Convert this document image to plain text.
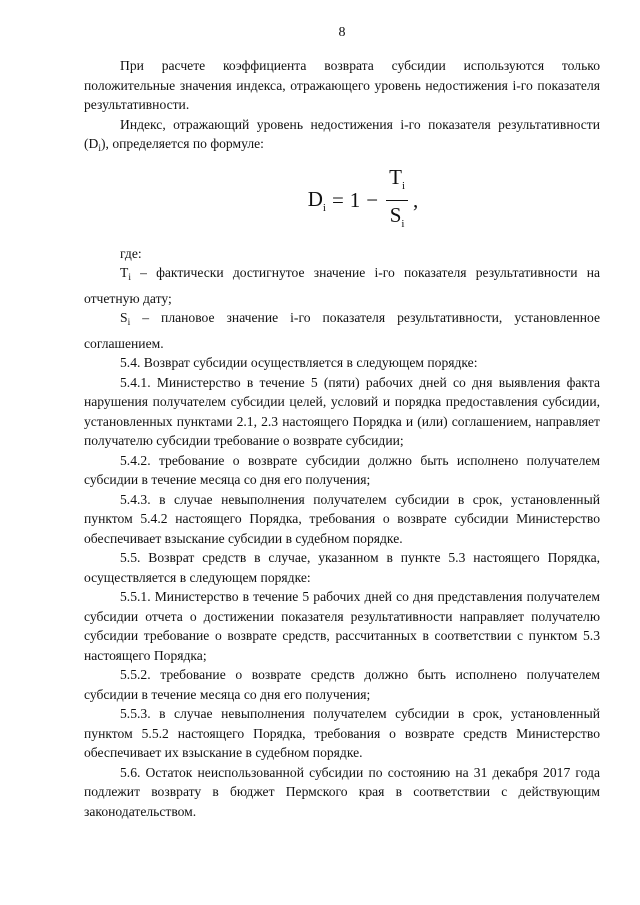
8

При расчете коэффициента возврата субсидии используются только положительные значения индекса, отражающего уровень недостижения i-го показателя результативности.

Индекс, отражающий уровень недостижения i-го показателя результативности $(D_i)$, определяется по формуле:

$D_i = 1 - \frac{T_i}{S_i}$ ,

где:

$T_i$ – фактически достигнутое значение i-го показателя результативности на отчетную дату;

$S_i$ – плановое значение i-го показателя результативности, установленное соглашением.

5.4. Возврат субсидии осуществляется в следующем порядке:

5.4.1. Министерство в течение 5 (пяти) рабочих дней со дня выявления факта нарушения получателем субсидии целей, условий и порядка предоставления субсидии, установленных пунктами 2.1, 2.3 настоящего Порядка и (или) соглашением, направляет получателю субсидии требование о возврате субсидии;

5.4.2. требование о возврате субсидии должно быть исполнено получателем субсидии в течение месяца со дня его получения;

5.4.3. в случае невыполнения получателем субсидии в срок, установленный пунктом 5.4.2 настоящего Порядка, требования о возврате субсидии Министерство обеспечивает взыскание субсидии в судебном порядке.

5.5. Возврат средств в случае, указанном в пункте 5.3 настоящего Порядка, осуществляется в следующем порядке:

5.5.1. Министерство в течение 5 рабочих дней со дня представления получателем субсидии отчета о достижении показателя результативности направляет получателю субсидии требование о возврате средств, рассчитанных в соответствии с пунктом 5.3 настоящего Порядка;

5.5.2. требование о возврате средств должно быть исполнено получателем субсидии в течение месяца со дня его получения;

5.5.3. в случае невыполнения получателем субсидии в срок, установленный пунктом 5.5.2 настоящего Порядка, требования о возврате средств Министерство обеспечивает их взыскание в судебном порядке.

5.6. Остаток неиспользованной субсидии по состоянию на 31 декабря 2017 года подлежит возврату в бюджет Пермского края в соответствии с действующим законодательством.
